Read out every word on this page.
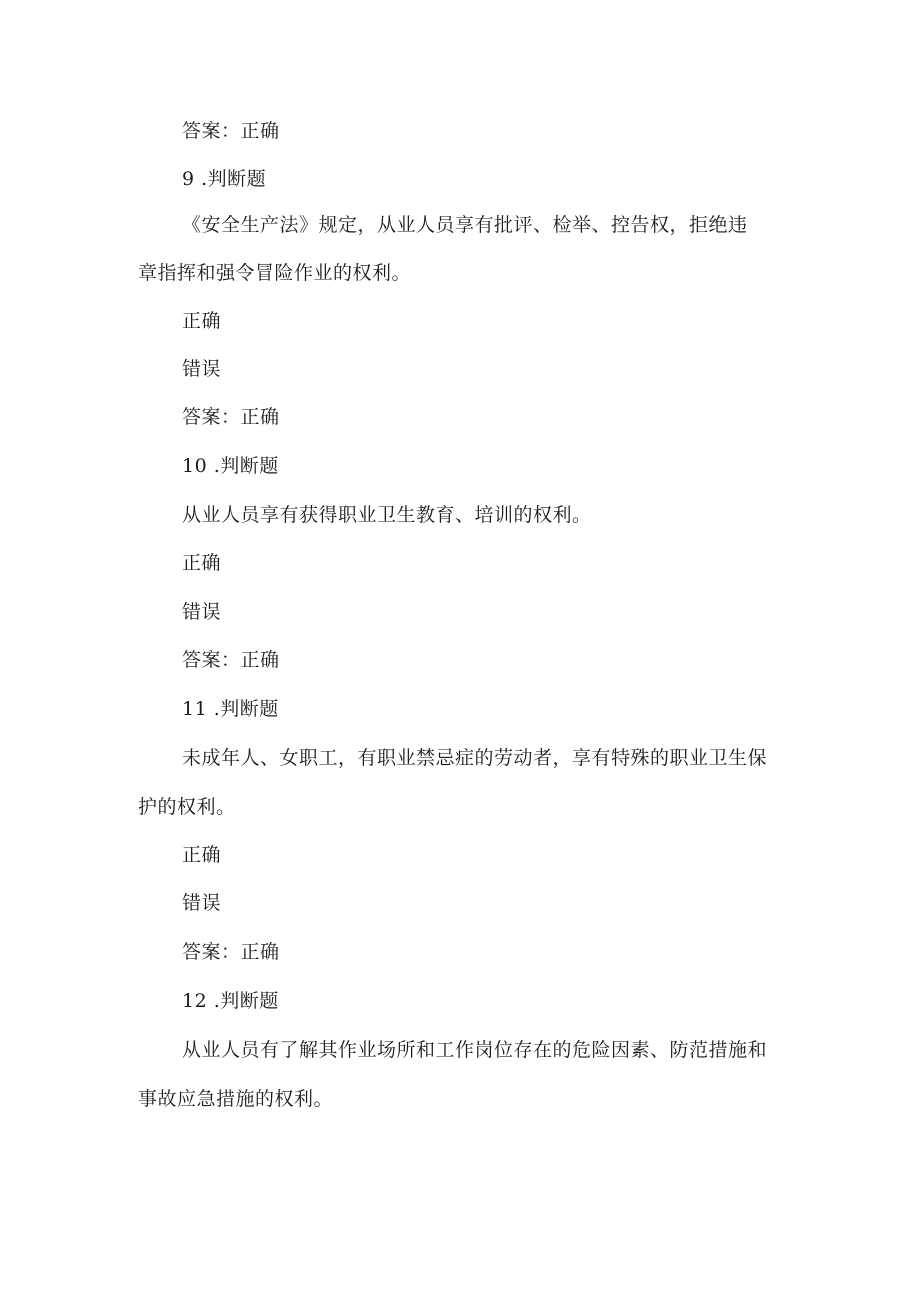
答案：正确
9 .判断题
《安全生产法》规定，从业人员享有批评、检举、控告权，拒绝违
章指挥和强令冒险作业的权利。
正确
错误
答案：正确
10 .判断题
从业人员享有获得职业卫生教育、培训的权利。
正确
错误
答案：正确
11 .判断题
未成年人、女职工，有职业禁忌症的劳动者，享有特殊的职业卫生保
护的权利。
正确
错误
答案：正确
12 .判断题
从业人员有了解其作业场所和工作岗位存在的危险因素、防范措施和
事故应急措施的权利。
